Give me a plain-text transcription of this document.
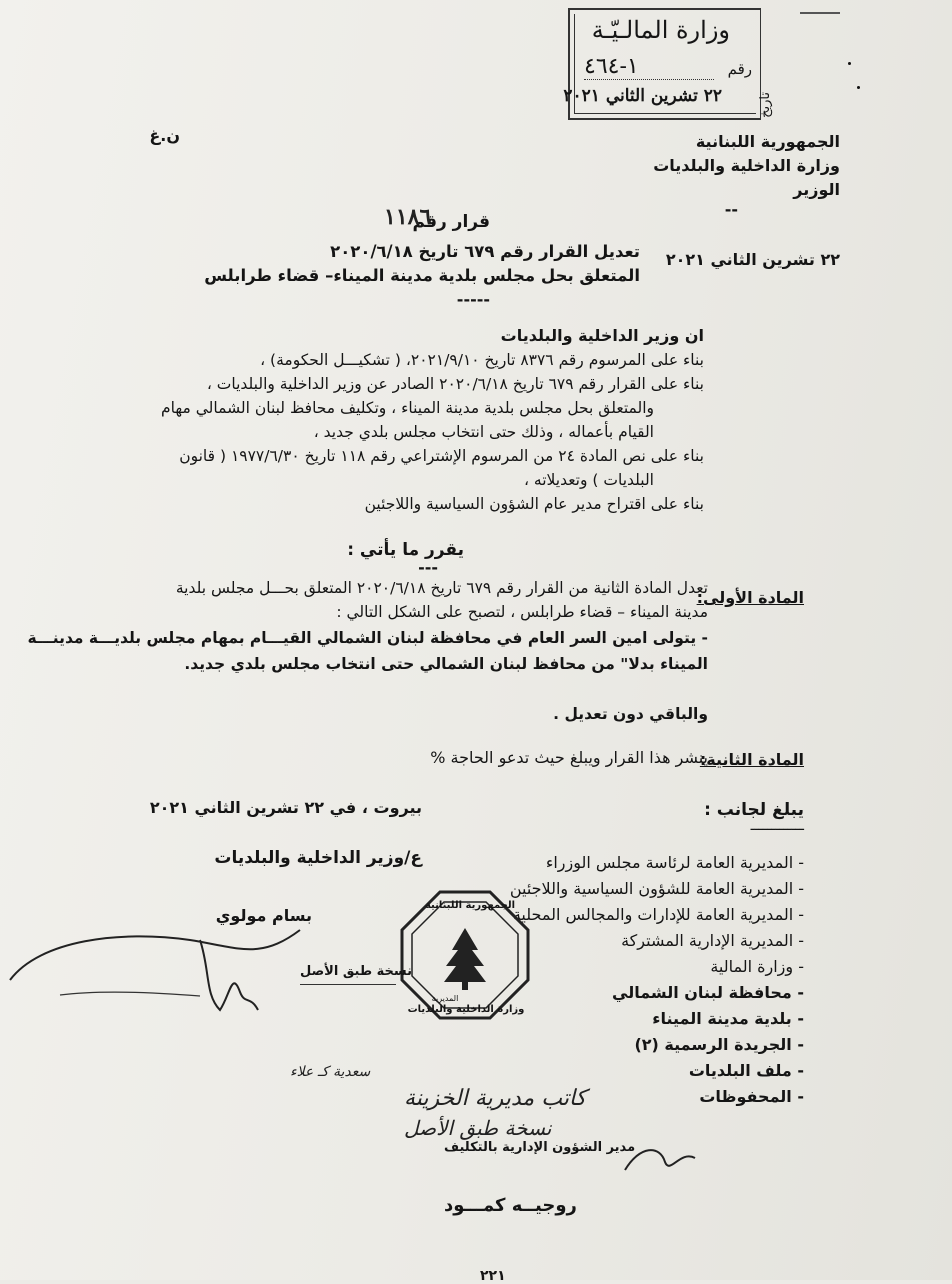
وزارة المالـيّـة
رقم
١-٤٦٤
تاريخ
٢٢ تشرين الثاني ٢٠٢١
ن.غ	الجمهورية اللبنانية
وزارة الداخلية والبلديات
الوزير
--
٢٢ تشرين الثاني ٢٠٢١
قرار رقم
١١٨٦
تعديل القرار رقم ٦٧٩ تاريخ ٢٠٢٠/٦/١٨
المتعلق بحل مجلس بلدية مدينة الميناء– قضاء طرابلس
-----
ان وزير الداخلية والبلديات
بناء على المرسوم رقم ٨٣٧٦ تاريخ ٢٠٢١/٩/١٠، ( تشكيـــل الحكومة) ،
بناء على القرار رقم ٦٧٩ تاريخ ٢٠٢٠/٦/١٨ الصادر عن وزير الداخلية والبلديات ،
والمتعلق بحل مجلس بلدية مدينة الميناء ، وتكليف محافظ لبنان الشمالي مهام
القيام بأعماله ، وذلك حتى انتخاب مجلس بلدي جديد ،
بناء على نص المادة ٢٤ من المرسوم الإشتراعي رقم ١١٨ تاريخ ١٩٧٧/٦/٣٠ ( قانون
البلديات ) وتعديلاته ،
بناء على اقتراح مدير عام الشؤون السياسية واللاجئين
يقرر ما يأتي :
---
المادة الأولى:
تعدل المادة الثانية من القرار رقم ٦٧٩ تاريخ ٢٠٢٠/٦/١٨ المتعلق بحـــل مجلس بلدية
مدينة الميناء – قضاء طرابلس ، لتصبح على الشكل التالي :
- يتولى امين السر العام في محافظة لبنان الشمالي القيـــام بمهام مجلس بلديـــة مدينـــة
الميناء بدلا" من محافظ لبنان الشمالي حتى انتخاب مجلس بلدي جديد.
والباقي دون تعديل .
المادة الثانية:
ينشر هذا القرار ويبلغ حيث تدعو الحاجة %
بيروت ، في ٢٢ تشرين الثاني ٢٠٢١
ع/وزير الداخلية والبلديات
بسام مولوي
يبلغ لجانب :
ـــــــــــــ
- المديرية العامة لرئاسة مجلس الوزراء
- المديرية العامة للشؤون السياسية واللاجئين
- المديرية العامة للإدارات والمجالس المحلية
- المديرية الإدارية المشتركة
- وزارة المالية
- محافظة لبنان الشمالي
- بلدية مدينة الميناء
- الجريدة الرسمية (٢)
- ملف البلديات
- المحفوظات
الجمهورية اللبنانية
وزارة الداخلية والبلديات
المديرية
نسخة طبق الأصل
سعدية كـ علاء
كاتب مديرية الخزينة
نسخة طبق الأصل
مدير الشؤون الإدارية بالتكليف
روجيــه كمـــود
٢٢١
